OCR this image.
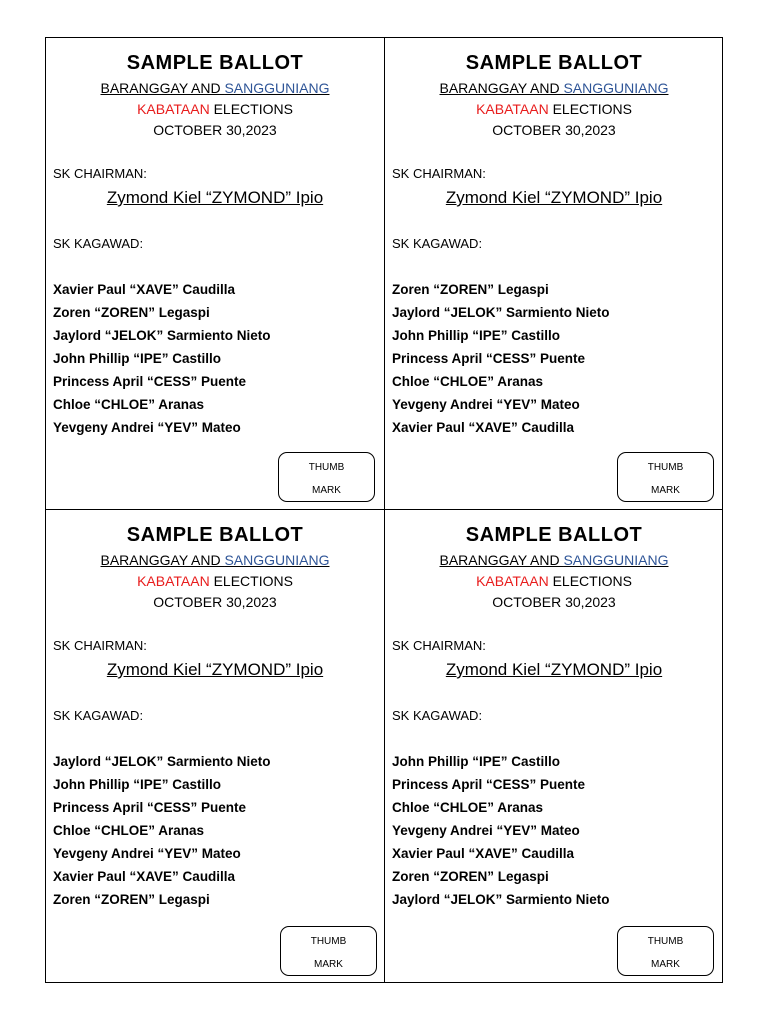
SAMPLE BALLOT
BARANGGAY AND SANGGUNIANG
KABATAAN ELECTIONS
OCTOBER 30,2023
SK CHAIRMAN:
Zymond Kiel “ZYMOND” Ipio
SK KAGAWAD:
Xavier Paul “XAVE” Caudilla
Zoren “ZOREN” Legaspi
Jaylord “JELOK” Sarmiento Nieto
John Phillip “IPE” Castillo
Princess April “CESS” Puente
Chloe “CHLOE” Aranas
Yevgeny Andrei “YEV” Mateo
THUMB
MARK
SAMPLE BALLOT
BARANGGAY AND SANGGUNIANG
KABATAAN ELECTIONS
OCTOBER 30,2023
SK CHAIRMAN:
Zymond Kiel “ZYMOND” Ipio
SK KAGAWAD:
Zoren “ZOREN” Legaspi
Jaylord “JELOK” Sarmiento Nieto
John Phillip “IPE” Castillo
Princess April “CESS” Puente
Chloe “CHLOE” Aranas
Yevgeny Andrei “YEV” Mateo
Xavier Paul “XAVE” Caudilla
THUMB
MARK
SAMPLE BALLOT
BARANGGAY AND SANGGUNIANG
KABATAAN ELECTIONS
OCTOBER 30,2023
SK CHAIRMAN:
Zymond Kiel “ZYMOND” Ipio
SK KAGAWAD:
Jaylord “JELOK” Sarmiento Nieto
John Phillip “IPE” Castillo
Princess April “CESS” Puente
Chloe “CHLOE” Aranas
Yevgeny Andrei “YEV” Mateo
Xavier Paul “XAVE” Caudilla
Zoren “ZOREN” Legaspi
THUMB
MARK
SAMPLE BALLOT
BARANGGAY AND SANGGUNIANG
KABATAAN ELECTIONS
OCTOBER 30,2023
SK CHAIRMAN:
Zymond Kiel “ZYMOND” Ipio
SK KAGAWAD:
John Phillip “IPE” Castillo
Princess April “CESS” Puente
Chloe “CHLOE” Aranas
Yevgeny Andrei “YEV” Mateo
Xavier Paul “XAVE” Caudilla
Zoren “ZOREN” Legaspi
Jaylord “JELOK” Sarmiento Nieto
THUMB
MARK
